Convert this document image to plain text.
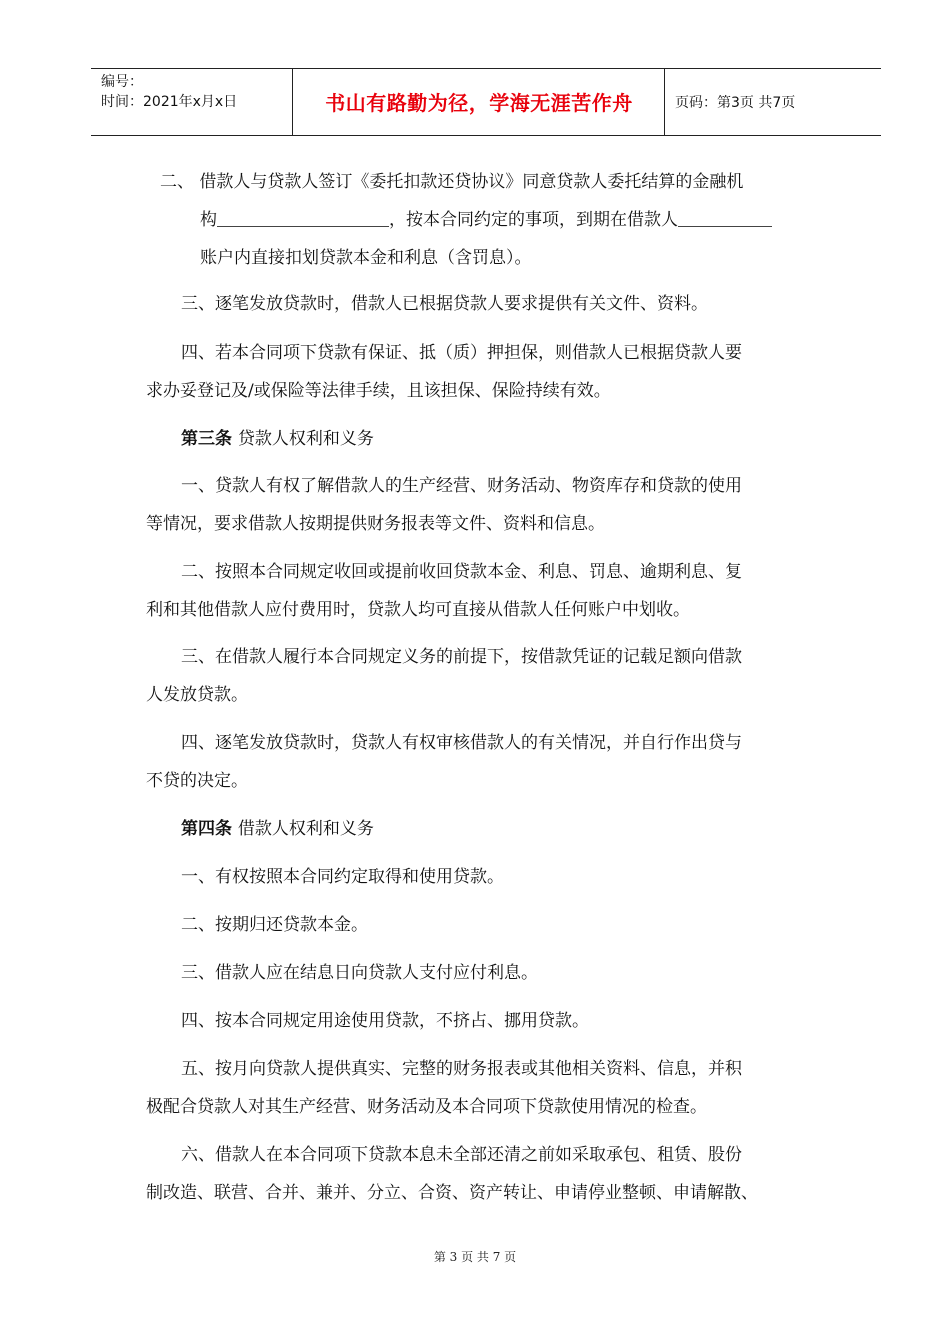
编号：
时间：2021年x月x日	书山有路勤为径，学海无涯苦作舟	页码：第3页 共7页
二、 借款人与贷款人签订《委托扣款还贷协议》同意贷款人委托结算的金融机
构	，按本合同约定的事项，到期在借款人
账户内直接扣划贷款本金和利息（含罚息）。
三、逐笔发放贷款时，借款人已根据贷款人要求提供有关文件、资料。
四、若本合同项下贷款有保证、抵（质）押担保，则借款人已根据贷款人要
求办妥登记及/或保险等法律手续，且该担保、保险持续有效。
第三条 贷款人权利和义务
一、贷款人有权了解借款人的生产经营、财务活动、物资库存和贷款的使用
等情况，要求借款人按期提供财务报表等文件、资料和信息。
二、按照本合同规定收回或提前收回贷款本金、利息、罚息、逾期利息、复
利和其他借款人应付费用时，贷款人均可直接从借款人任何账户中划收。
三、在借款人履行本合同规定义务的前提下，按借款凭证的记载足额向借款
人发放贷款。
四、逐笔发放贷款时，贷款人有权审核借款人的有关情况，并自行作出贷与
不贷的决定。
第四条 借款人权利和义务
一、有权按照本合同约定取得和使用贷款。
二、按期归还贷款本金。
三、借款人应在结息日向贷款人支付应付利息。
四、按本合同规定用途使用贷款，不挤占、挪用贷款。
五、按月向贷款人提供真实、完整的财务报表或其他相关资料、信息，并积
极配合贷款人对其生产经营、财务活动及本合同项下贷款使用情况的检查。
六、借款人在本合同项下贷款本息未全部还清之前如采取承包、租赁、股份
制改造、联营、合并、兼并、分立、合资、资产转让、申请停业整顿、申请解散、
第 3 页 共 7 页
